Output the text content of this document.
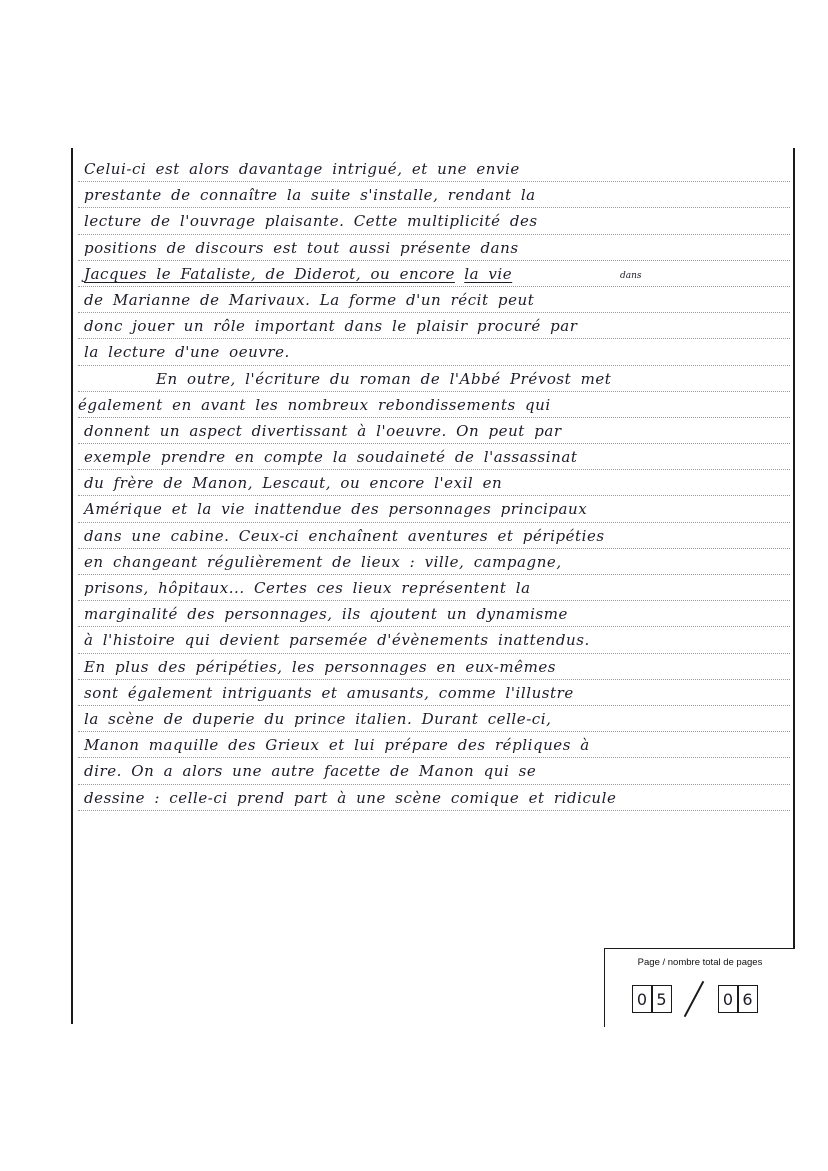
Celui-ci est alors davantage intrigué, et une envie
prestante de connaître la suite s'installe, rendant la
lecture de l'ouvrage plaisante. Cette multiplicité des
positions de discours est tout aussi présente dans
Jacques le Fataliste, de Diderot, ou encore la vie
de Marianne de Marivaux. La forme d'un récit peut
donc jouer un rôle important dans le plaisir procuré par
la lecture d'une oeuvre.
En outre, l'écriture du roman de l'Abbé Prévost met
également en avant les nombreux rebondissements qui
donnent un aspect divertissant à l'oeuvre. On peut par
exemple prendre en compte la soudaineté de l'assassinat
du frère de Manon, Lescaut, ou encore l'exil en
Amérique et la vie inattendue des personnages principaux
dans une cabine. Ceux-ci enchaînent aventures et péripéties
en changeant régulièrement de lieux : ville, campagne,
prisons, hôpitaux... Certes ces lieux représentent la
marginalité des personnages, ils ajoutent un dynamisme
à l'histoire qui devient parsemée d'évènements inattendus.
En plus des péripéties, les personnages en eux-mêmes
sont également intriguants et amusants, comme l'illustre
la scène de duperie du prince italien. Durant celle-ci,
Manon maquille des Grieux et lui prépare des répliques à
dire. On a alors une autre facette de Manon qui se
dessine : celle-ci prend part à une scène comique et ridicule
dans
Page / nombre total de pages
0 5	0 6
